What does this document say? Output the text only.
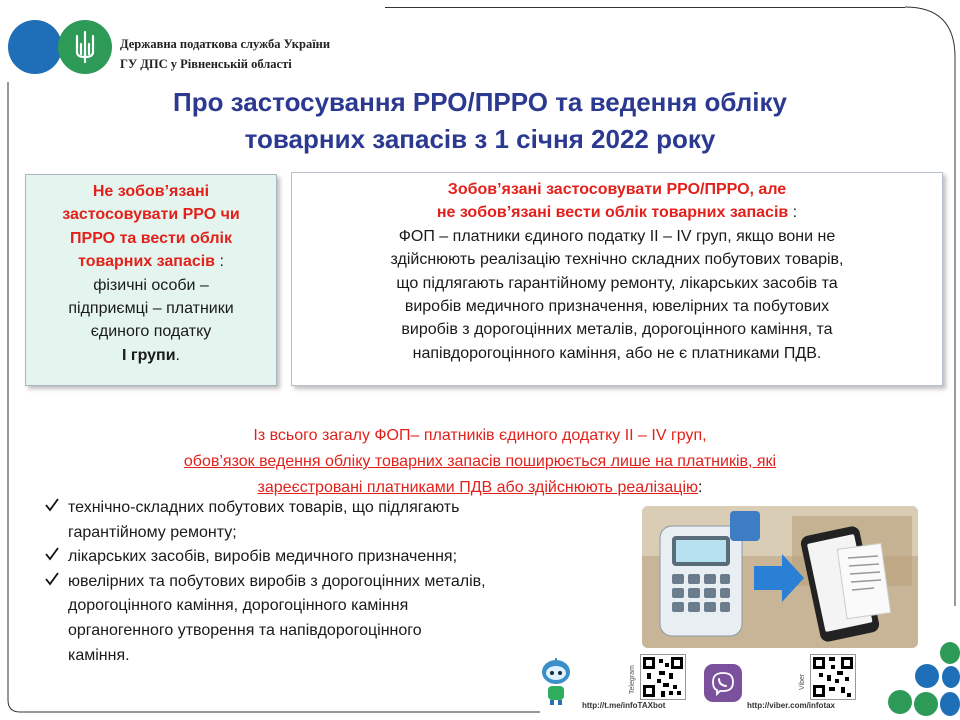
Державна податкова служба України
ГУ ДПС у Рівненській області
Про застосування РРО/ПРРО та ведення обліку
товарних запасів з 1 січня 2022 року
Не зобов’язані
застосовувати РРО чи
ПРРО та вести облік
товарних запасів :
фізичні особи –
підприємці – платники
єдиного податку
І групи.
Зобов’язані застосовувати РРО/ПРРО, але
не зобов’язані вести облік товарних запасів :
ФОП – платники єдиного податку ІІ – ІV груп, якщо вони не
здійснюють реалізацію технічно складних побутових товарів,
що підлягають гарантійному ремонту, лікарських засобів та
виробів медичного призначення, ювелірних та побутових
виробів з дорогоцінних металів, дорогоцінного каміння, та
напівдорогоцінного каміння, або не є платниками ПДВ.
Із всього загалу ФОП– платників єдиного додатку ІІ – ІV груп,
обов’язок ведення обліку товарних запасів поширюється лише на платників, які
зареєстровані платниками ПДВ або здійснюють реалізацію:
технічно-складних побутових товарів, що підлягають
гарантійному ремонту;
лікарських засобів, виробів медичного призначення;
ювелірних та побутових виробів з дорогоцінних металів,
дорогоцінного каміння, дорогоцінного каміння
органогенного утворення та напівдорогоцінного
каміння.
Telegram
http://t.me/infoTAXbot
Viber
http://viber.com/infotax
